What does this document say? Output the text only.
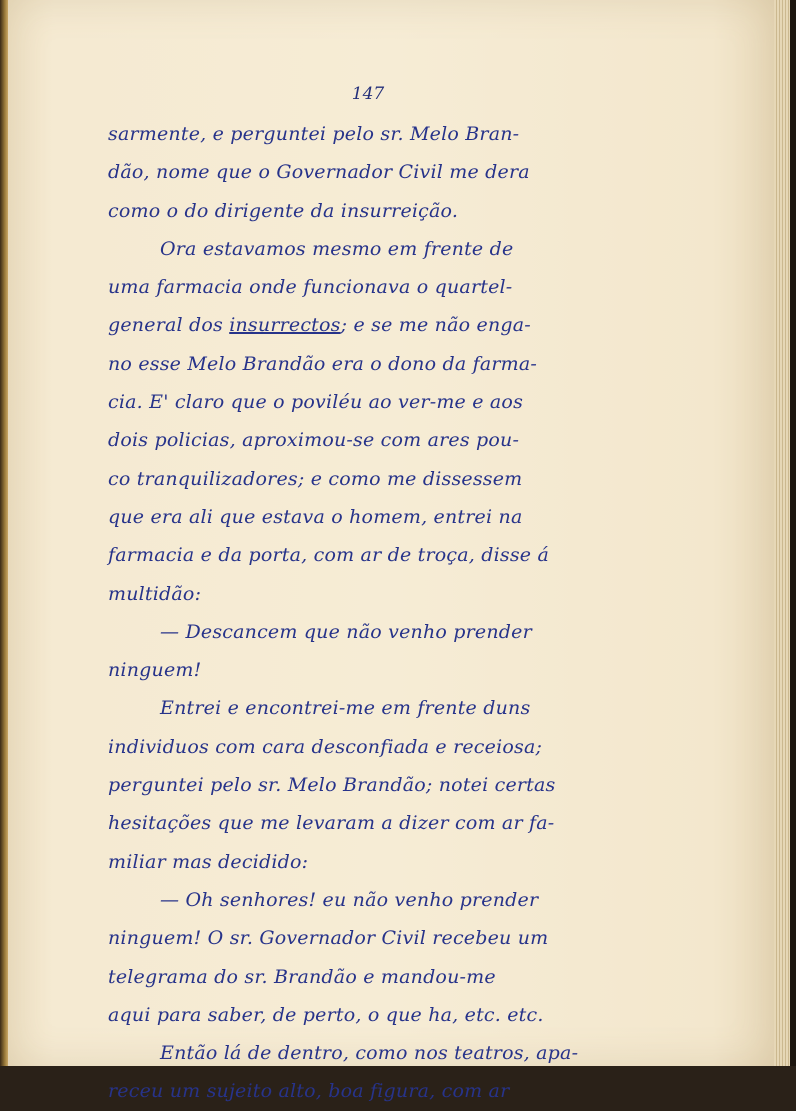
147
sarmente, e perguntei pelo sr. Melo Bran-
dão, nome que o Governador Civil me dera
como o do dirigente da insurreição.
Ora estavamos mesmo em frente de
uma farmacia onde funcionava o quartel-
general dos insurrectos; e se me não enga-
no esse Melo Brandão era o dono da farma-
cia. E' claro que o poviléu ao ver-me e aos
dois policias, aproximou-se com ares pou-
co tranquilizadores; e como me dissessem
que era ali que estava o homem, entrei na
farmacia e da porta, com ar de troça, disse á
multidão:
— Descancem que não venho prender
ninguem!
Entrei e encontrei-me em frente duns
individuos com cara desconfiada e receiosa;
perguntei pelo sr. Melo Brandão; notei certas
hesitações que me levaram a dizer com ar fa-
miliar mas decidido:
— Oh senhores! eu não venho prender
ninguem! O sr. Governador Civil recebeu um
telegrama do sr. Brandão e mandou-me
aqui para saber, de perto, o que ha, etc. etc.
Então lá de dentro, como nos teatros, apa-
receu um sujeito alto, boa figura, com ar
